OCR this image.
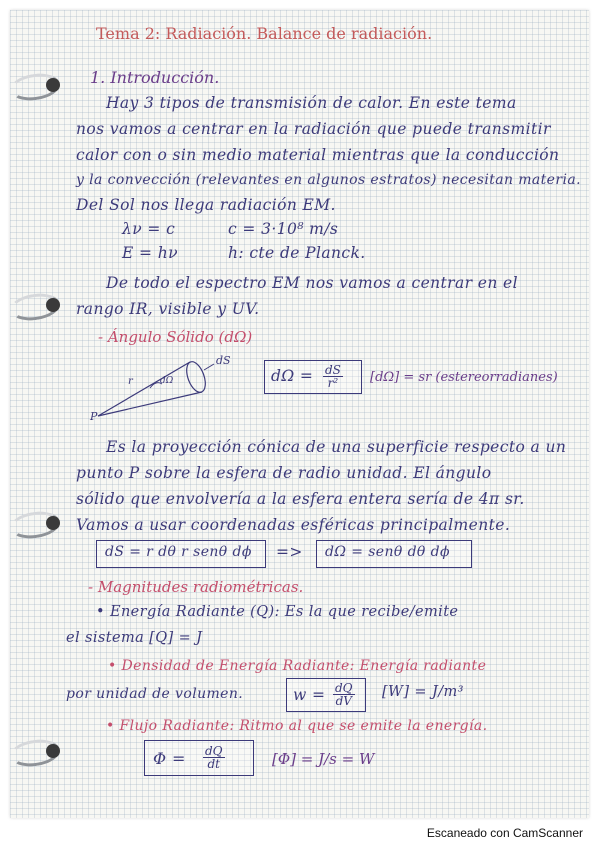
Tema 2: Radiación. Balance de radiación.
1. Introducción.
Hay 3 tipos de transmisión de calor. En este tema
nos vamos a centrar en la radiación que puede transmitir
calor con o sin medio material mientras que la conducción
y la convección (relevantes en algunos estratos) necesitan materia.
Del Sol nos llega radiación EM.
λν = c	c = 3·10⁸ m/s
E = hν	h: cte de Planck.
De todo el espectro EM nos vamos a centrar en el
rango IR, visible y UV.
- Ángulo Sólido (dΩ)
dS
dΩ
r
P
$d\Omega = \frac{dS}{\text{r²}} [d\Omega]$ = sr (estereorradianes)
Es la proyección cónica de una superficie respecto a un
punto P sobre la esfera de radio unidad. El ángulo
sólido que envolvería a la esfera entera sería de 4π sr.
Vamos a usar coordenadas esféricas principalmente.
dS = r dθ r senθ dϕ => dΩ = senθ dθ dϕ
- Magnitudes radiométricas.
• Energía Radiante (Q): Es la que recibe/emite
el sistema [Q] = J
• Densidad de Energía Radiante: Energía radiante
por unidad de volumen.	$w = \frac{dQ}{dV} [W] = J/m^3$
• Flujo Radiante: Ritmo al que se emite la energía.
$\Phi = \frac{dQ}{dt}$	[Φ] = J/s = W
Escaneado con CamScanner
